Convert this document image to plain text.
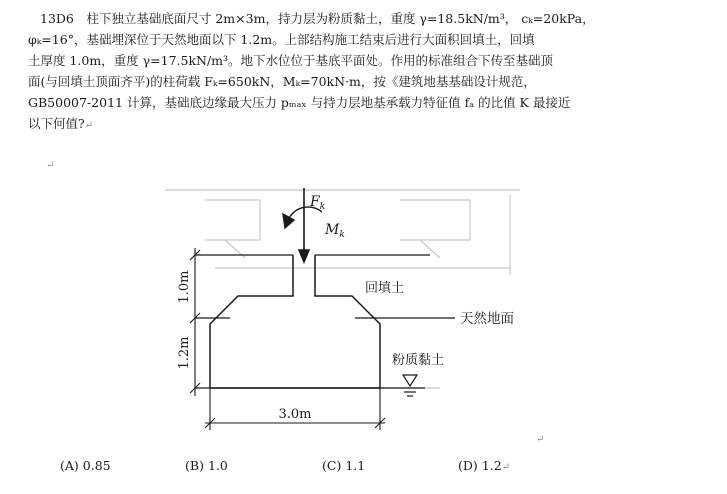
13D6　柱下独立基础底面尺寸 2m×3m，持力层为粉质黏土，重度 γ=18.5kN/m³， cₖ=20kPa，
φₖ=16°，基础埋深位于天然地面以下 1.2m。上部结构施工结束后进行大面积回填土，回填
土厚度 1.0m，重度 γ=17.5kN/m³。地下水位位于基底平面处。作用的标准组合下传至基础顶
面(与回填土顶面齐平)的柱荷载 Fₖ=650kN，Mₖ=70kN·m，按《建筑地基基础设计规范，
GB50007-2011 计算，基础底边缘最大压力 pₘₐₓ 与持力层地基承载力特征值 fₐ 的比值 K 最接近
以下何值?↵
↵
↵
$F_k$
$M_k$
1.0m
1.2m
3.0m
回填土
天然地面
粉质黏土
(A) 0.85	(B) 1.0	(C) 1.1	(D) 1.2↵
